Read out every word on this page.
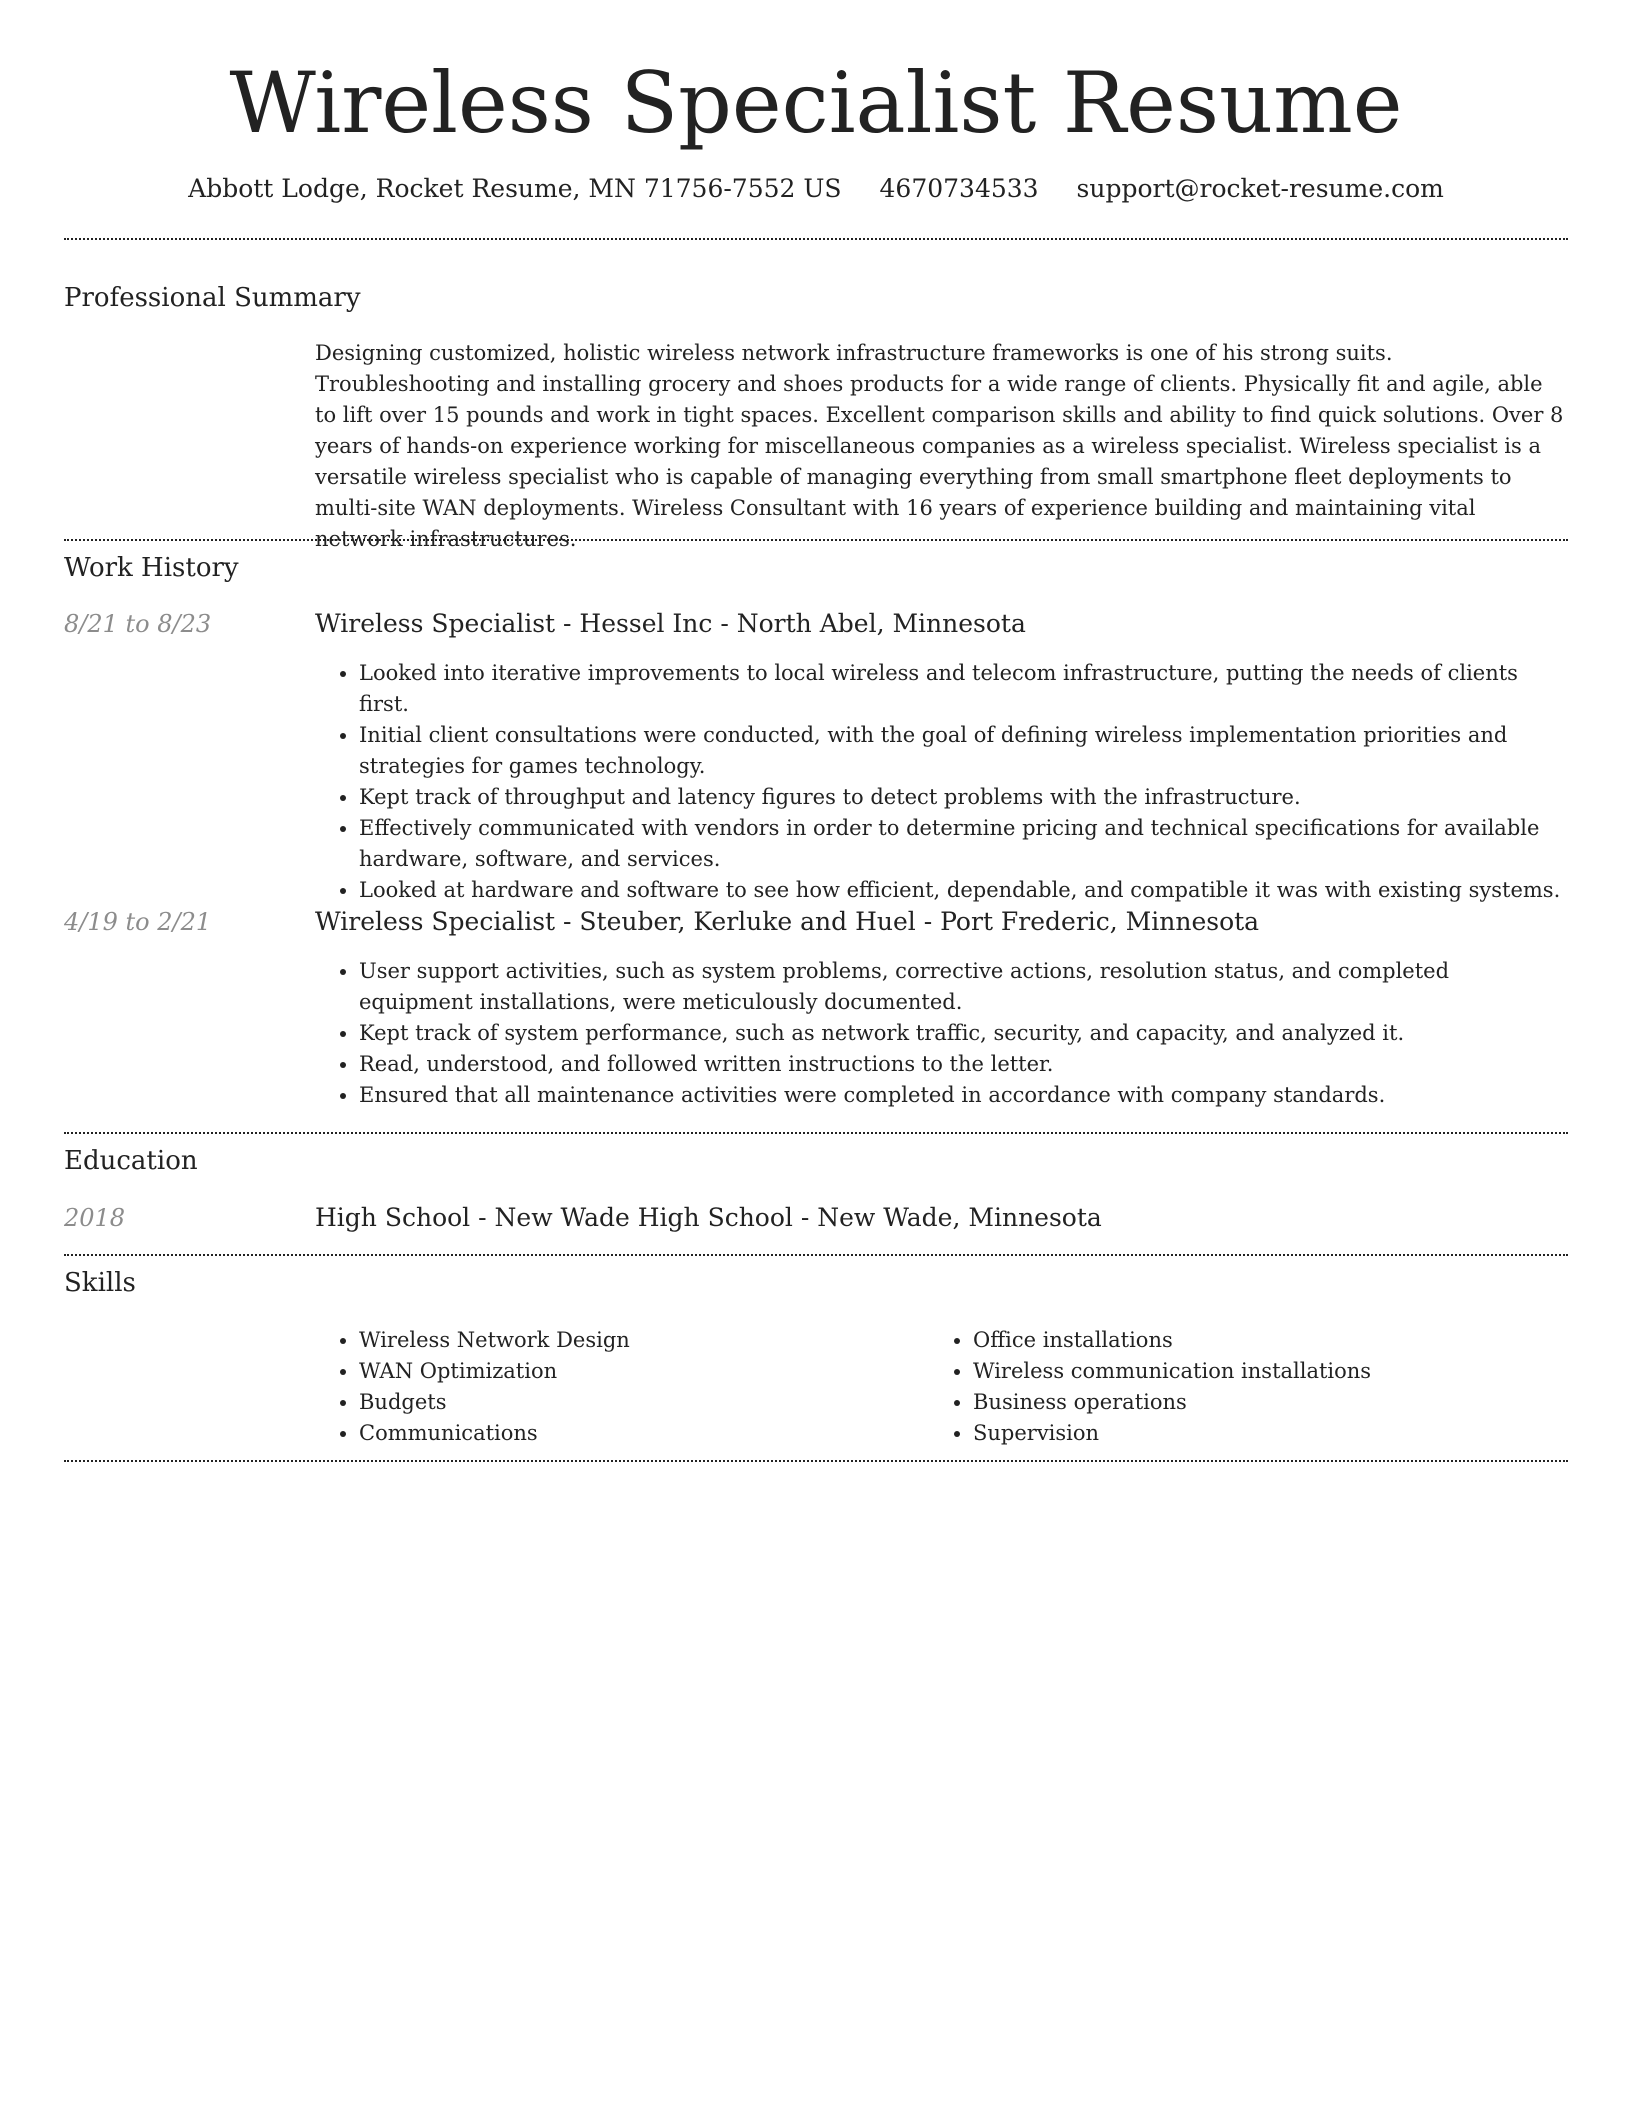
Wireless Specialist Resume
Abbott Lodge, Rocket Resume, MN 71756-7552 US 4670734533 support@rocket-resume.com
Professional Summary
Designing customized, holistic wireless network infrastructure frameworks is one of his strong suits. Troubleshooting and installing grocery and shoes products for a wide range of clients. Physically fit and agile, able to lift over 15 pounds and work in tight spaces. Excellent comparison skills and ability to find quick solutions. Over 8 years of hands-on experience working for miscellaneous companies as a wireless specialist. Wireless specialist is a versatile wireless specialist who is capable of managing everything from small smartphone fleet deployments to multi-site WAN deployments. Wireless Consultant with 16 years of experience building and maintaining vital network infrastructures.
Work History
8/21 to 8/23	Wireless Specialist - Hessel Inc - North Abel, Minnesota
• Looked into iterative improvements to local wireless and telecom infrastructure, putting the needs of clients first.
• Initial client consultations were conducted, with the goal of defining wireless implementation priorities and strategies for games technology.
• Kept track of throughput and latency figures to detect problems with the infrastructure.
• Effectively communicated with vendors in order to determine pricing and technical specifications for available hardware, software, and services.
• Looked at hardware and software to see how efficient, dependable, and compatible it was with existing systems.
4/19 to 2/21	Wireless Specialist - Steuber, Kerluke and Huel - Port Frederic, Minnesota
• User support activities, such as system problems, corrective actions, resolution status, and completed equipment installations, were meticulously documented.
• Kept track of system performance, such as network traffic, security, and capacity, and analyzed it.
• Read, understood, and followed written instructions to the letter.
• Ensured that all maintenance activities were completed in accordance with company standards.
Education
2018	High School - New Wade High School - New Wade, Minnesota
Skills
• Wireless Network Design
• WAN Optimization
• Budgets
• Communications
• Office installations
• Wireless communication installations
• Business operations
• Supervision
